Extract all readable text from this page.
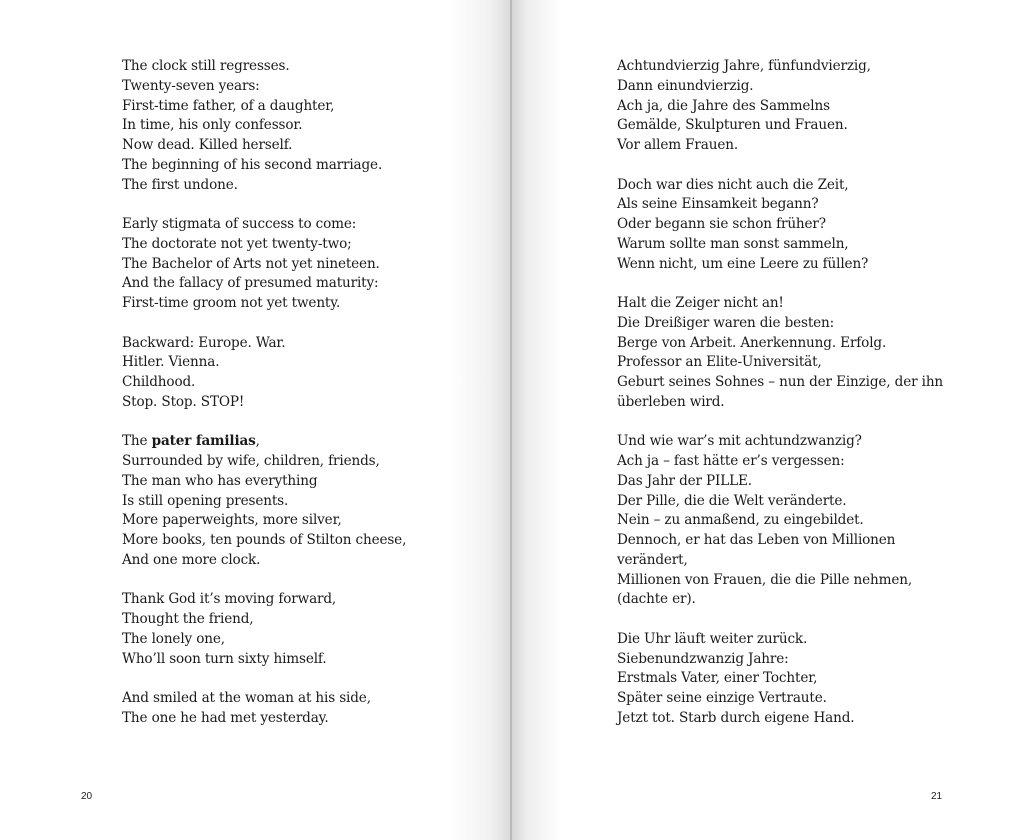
The clock still regresses.
Twenty-seven years:
First-time father, of a daughter,
In time, his only confessor.
Now dead. Killed herself.
The beginning of his second marriage.
The first undone.
Early stigmata of success to come:
The doctorate not yet twenty-two;
The Bachelor of Arts not yet nineteen.
And the fallacy of presumed maturity:
First-time groom not yet twenty.
Backward: Europe. War.
Hitler. Vienna.
Childhood.
Stop. Stop. STOP!
The pater familias,
Surrounded by wife, children, friends,
The man who has everything
Is still opening presents.
More paperweights, more silver,
More books, ten pounds of Stilton cheese,
And one more clock.
Thank God it’s moving forward,
Thought the friend,
The lonely one,
Who’ll soon turn sixty himself.
And smiled at the woman at his side,
The one he had met yesterday.
20
Achtundvierzig Jahre, fünfundvierzig,
Dann einundvierzig.
Ach ja, die Jahre des Sammelns
Gemälde, Skulpturen und Frauen.
Vor allem Frauen.
Doch war dies nicht auch die Zeit,
Als seine Einsamkeit begann?
Oder begann sie schon früher?
Warum sollte man sonst sammeln,
Wenn nicht, um eine Leere zu füllen?
Halt die Zeiger nicht an!
Die Dreißiger waren die besten:
Berge von Arbeit. Anerkennung. Erfolg.
Professor an Elite-Universität,
Geburt seines Sohnes – nun der Einzige, der ihn
überleben wird.
Und wie war’s mit achtundzwanzig?
Ach ja – fast hätte er’s vergessen:
Das Jahr der PILLE.
Der Pille, die die Welt veränderte.
Nein – zu anmaßend, zu eingebildet.
Dennoch, er hat das Leben von Millionen
verändert,
Millionen von Frauen, die die Pille nehmen,
(dachte er).
Die Uhr läuft weiter zurück.
Siebenundzwanzig Jahre:
Erstmals Vater, einer Tochter,
Später seine einzige Vertraute.
Jetzt tot. Starb durch eigene Hand.
21
